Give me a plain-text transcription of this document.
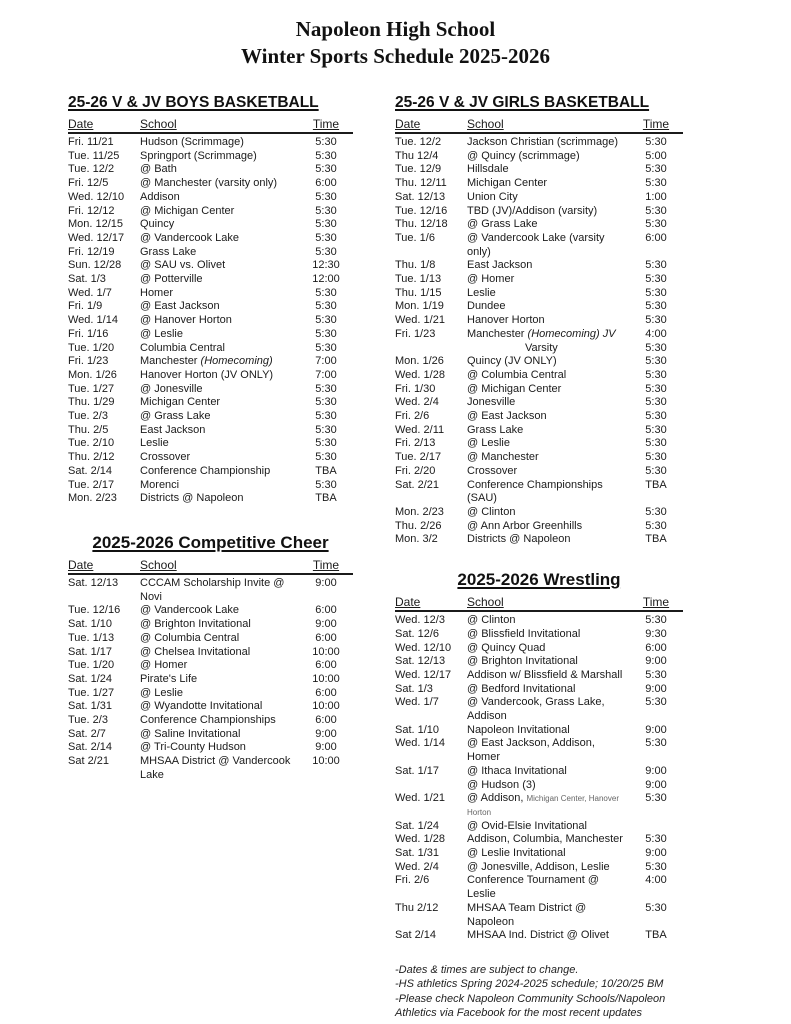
Napoleon High School
Winter Sports Schedule 2025-2026
25-26 V & JV BOYS BASKETBALL
Date	School	Time
Fri. 11/21	Hudson (Scrimmage)	5:30
Tue. 11/25	Springport (Scrimmage)	5:30
Tue. 12/2	@ Bath	5:30
Fri. 12/5	@ Manchester (varsity only)	6:00
Wed. 12/10	Addison	5:30
Fri. 12/12	@ Michigan Center	5:30
Mon. 12/15	Quincy	5:30
Wed. 12/17	@ Vandercook Lake	5:30
Fri. 12/19	Grass Lake	5:30
Sun. 12/28	@ SAU vs. Olivet	12:30
Sat. 1/3	@ Potterville	12:00
Wed. 1/7	Homer	5:30
Fri. 1/9	@ East Jackson	5:30
Wed. 1/14	@ Hanover Horton	5:30
Fri. 1/16	@ Leslie	5:30
Tue. 1/20	Columbia Central	5:30
Fri. 1/23	Manchester (Homecoming)	7:00
Mon. 1/26	Hanover Horton (JV ONLY)	7:00
Tue. 1/27	@ Jonesville	5:30
Thu. 1/29	Michigan Center	5:30
Tue. 2/3	@ Grass Lake	5:30
Thu. 2/5	East Jackson	5:30
Tue. 2/10	Leslie	5:30
Thu. 2/12	Crossover	5:30
Sat. 2/14	Conference Championship	TBA
Tue. 2/17	Morenci	5:30
Mon. 2/23	Districts @ Napoleon	TBA
2025-2026 Competitive Cheer
Date	School	Time
Sat. 12/13	CCCAM Scholarship Invite @ Novi
9:00
Tue. 12/16	@ Vandercook Lake	6:00
Sat. 1/10	@ Brighton Invitational	9:00
Tue. 1/13	@ Columbia Central	6:00
Sat. 1/17	@ Chelsea Invitational	10:00
Tue. 1/20	@ Homer	6:00
Sat. 1/24	Pirate's Life	10:00
Tue. 1/27	@ Leslie	6:00
Sat. 1/31	@ Wyandotte Invitational	10:00
Tue. 2/3	Conference Championships	6:00
Sat. 2/7	@ Saline Invitational	9:00
Sat. 2/14	@ Tri-County Hudson	9:00
Sat 2/21	MHSAA District @ Vandercook Lake
10:00
25-26 V & JV GIRLS BASKETBALL
Date	School	Time
Tue. 12/2	Jackson Christian (scrimmage)	5:30
Thu 12/4	@ Quincy (scrimmage)	5:00
Tue. 12/9	Hillsdale	5:30
Thu. 12/11	Michigan Center	5:30
Sat. 12/13	Union City	1:00
Tue. 12/16	TBD (JV)/Addison (varsity)	5:30
Thu. 12/18	@ Grass Lake	5:30
Tue. 1/6	@ Vandercook Lake (varsity only)
6:00
Thu. 1/8	East Jackson	5:30
Tue. 1/13	@ Homer	5:30
Thu. 1/15	Leslie	5:30
Mon. 1/19	Dundee	5:30
Wed. 1/21	Hanover Horton	5:30
Fri. 1/23	Manchester (Homecoming) JV	4:00
Varsity	5:30
Mon. 1/26	Quincy (JV ONLY)	5:30
Wed. 1/28	@ Columbia Central	5:30
Fri. 1/30	@ Michigan Center	5:30
Wed. 2/4	Jonesville	5:30
Fri. 2/6	@ East Jackson	5:30
Wed. 2/11	Grass Lake	5:30
Fri. 2/13	@ Leslie	5:30
Tue. 2/17	@ Manchester	5:30
Fri. 2/20	Crossover	5:30
Sat. 2/21	Conference Championships (SAU)
TBA
Mon. 2/23	@ Clinton	5:30
Thu. 2/26	@ Ann Arbor Greenhills	5:30
Mon. 3/2	Districts @ Napoleon	TBA
2025-2026 Wrestling
Date	School	Time
Wed. 12/3	@ Clinton	5:30
Sat. 12/6	@ Blissfield Invitational	9:30
Wed. 12/10	@ Quincy Quad	6:00
Sat. 12/13	@ Brighton Invitational	9:00
Wed. 12/17	Addison w/ Blissfield & Marshall	5:30
Sat. 1/3	@ Bedford Invitational	9:00
Wed. 1/7	@ Vandercook, Grass Lake, Addison
5:30
Sat. 1/10	Napoleon Invitational	9:00
Wed. 1/14	@ East Jackson, Addison, Homer
5:30
Sat. 1/17	@ Ithaca Invitational	9:00
@ Hudson (3)	9:00
Wed. 1/21	@ Addison, Michigan Center, Hanover Horton
5:30
Sat. 1/24	@ Ovid-Elsie Invitational
Wed. 1/28	Addison, Columbia, Manchester	5:30
Sat. 1/31	@ Leslie Invitational	9:00
Wed. 2/4	@ Jonesville, Addison, Leslie	5:30
Fri. 2/6	Conference Tournament @ Leslie
4:00
Thu 2/12	MHSAA Team District @ Napoleon
5:30
Sat 2/14	MHSAA Ind. District @ Olivet	TBA
-Dates & times are subject to change.
-HS athletics Spring 2024-2025 schedule; 10/20/25 BM
-Please check Napoleon Community Schools/Napoleon Athletics via Facebook for the most recent updates
